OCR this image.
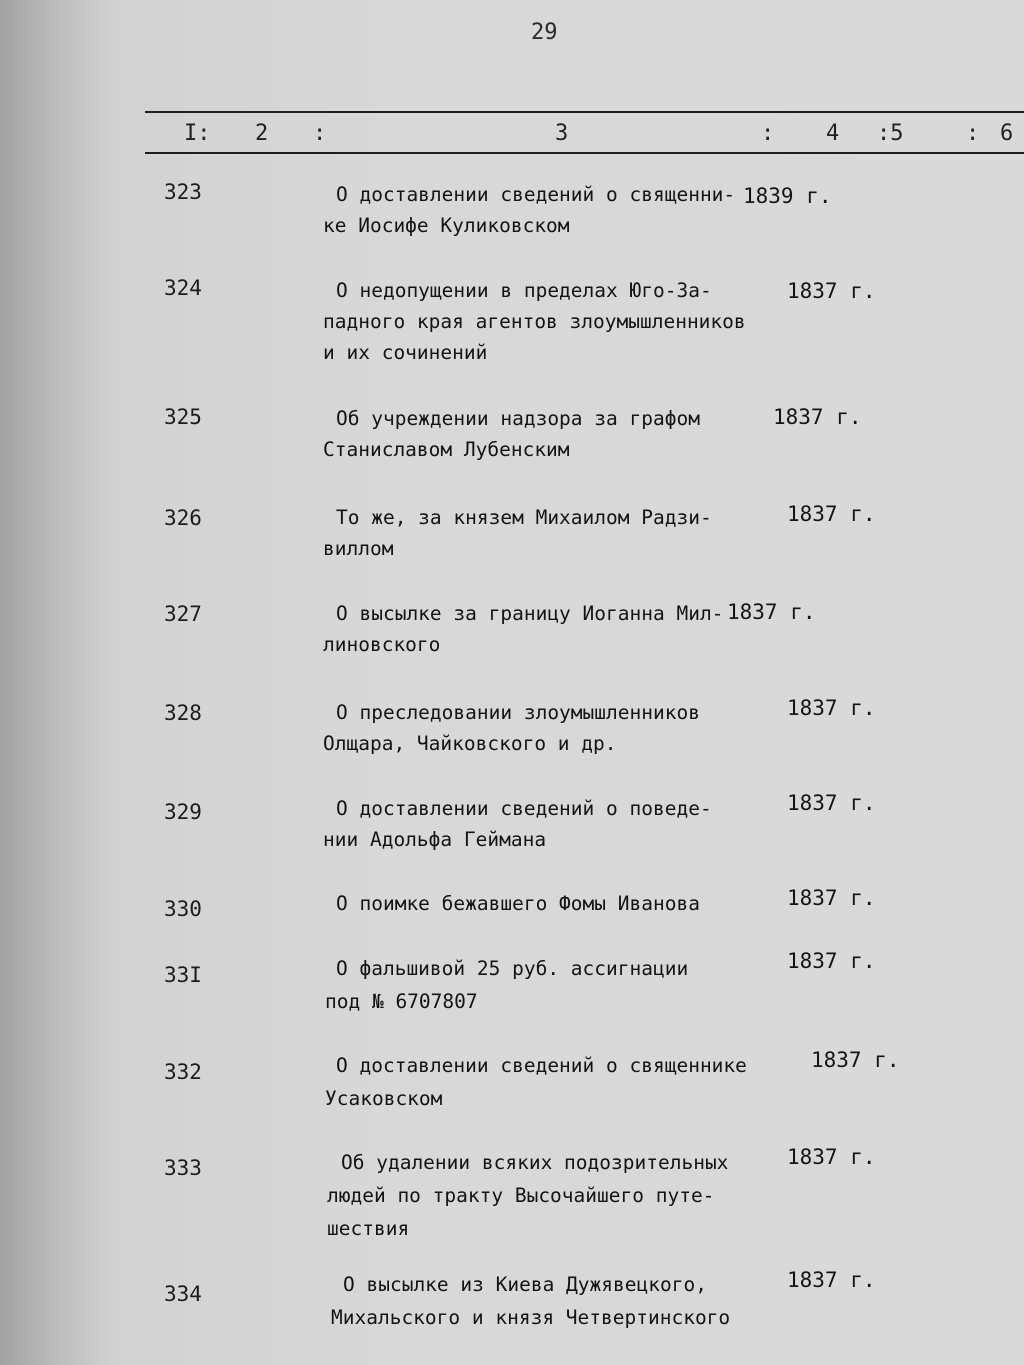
29
I: 2 :	3	: 4 :5	: 6
323	О доставлении сведений о священни-
ке Иосифе Куликовском
1839 г.
324	О недопущении в пределах Юго-За-
падного края агентов злоумышленников
и их сочинений
1837 г.
325	Об учреждении надзора за графом
Станиславом Лубенским
1837 г.
326	То же, за князем Михаилом Радзи-
виллом
1837 г.
327	О высылке за границу Иоганна Мил-
линовского
1837 г.
328	О преследовании злоумышленников
Олщара, Чайковского и др.
1837 г.
329	О доставлении сведений о поведе-
нии Адольфа Геймана
1837 г.
330	О поимке бежавшего Фомы Иванова	1837 г.
33I	О фальшивой 25 руб. ассигнации
под № 6707807
1837 г.
332	О доставлении сведений о священнике
Усаковском
1837 г.
333	Об удалении всяких подозрительных
людей по тракту Высочайшего путе-
шествия
1837 г.
334	О высылке из Киева Дужявецкого,
Михальского и князя Четвертинского
1837 г.
